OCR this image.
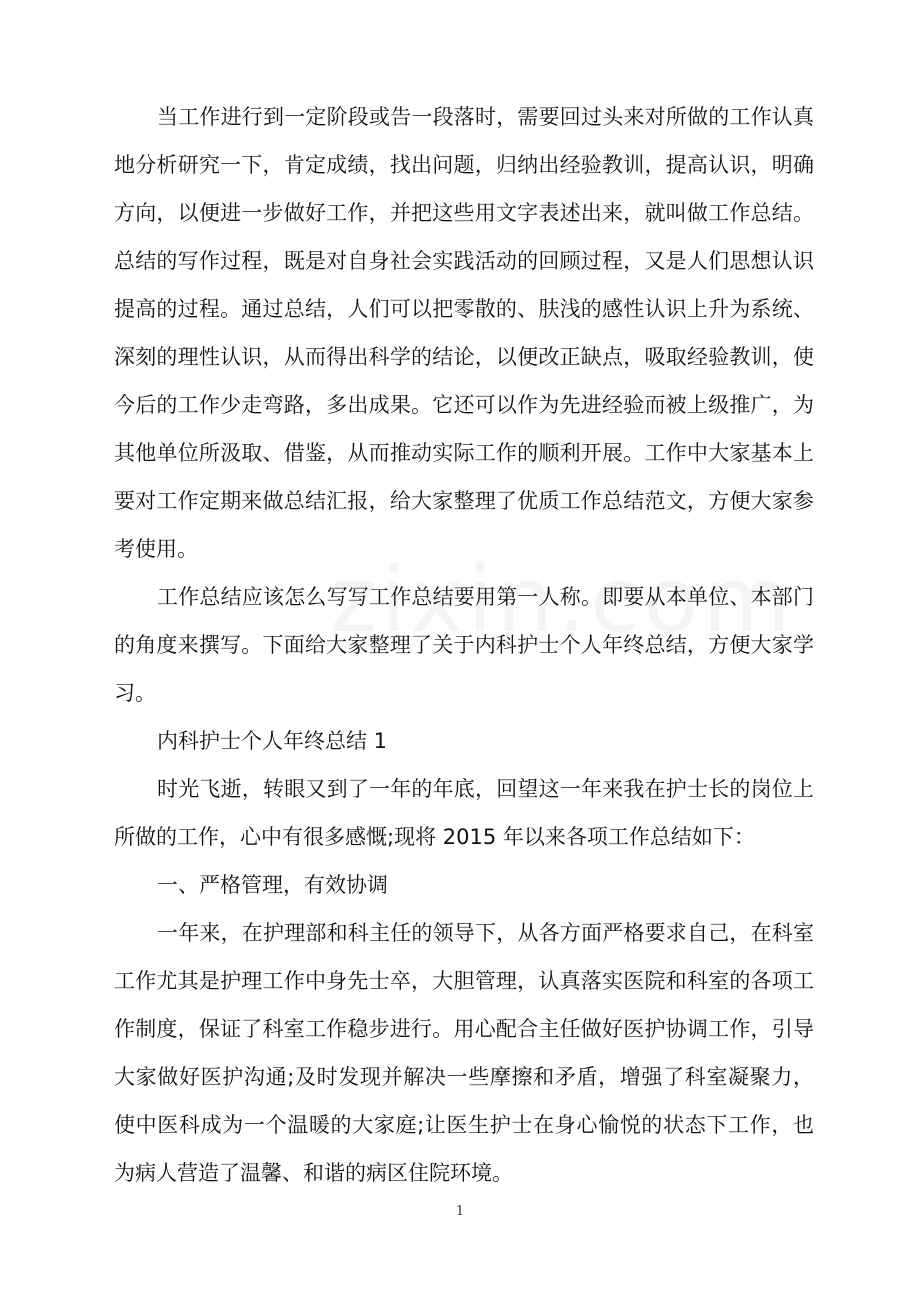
当工作进行到一定阶段或告一段落时，需要回过头来对所做的工作认真地分析研究一下，肯定成绩，找出问题，归纳出经验教训，提高认识，明确方向，以便进一步做好工作，并把这些用文字表述出来，就叫做工作总结。总结的写作过程，既是对自身社会实践活动的回顾过程，又是人们思想认识提高的过程。通过总结，人们可以把零散的、肤浅的感性认识上升为系统、深刻的理性认识，从而得出科学的结论，以便改正缺点，吸取经验教训，使今后的工作少走弯路，多出成果。它还可以作为先进经验而被上级推广，为其他单位所汲取、借鉴，从而推动实际工作的顺利开展。工作中大家基本上要对工作定期来做总结汇报，给大家整理了优质工作总结范文，方便大家参考使用。

工作总结应该怎么写写工作总结要用第一人称。即要从本单位、本部门的角度来撰写。下面给大家整理了关于内科护士个人年终总结，方便大家学习。

内科护士个人年终总结 1

时光飞逝，转眼又到了一年的年底，回望这一年来我在护士长的岗位上所做的工作，心中有很多感慨;现将 2015 年以来各项工作总结如下：

一、严格管理，有效协调

一年来，在护理部和科主任的领导下，从各方面严格要求自己，在科室工作尤其是护理工作中身先士卒，大胆管理，认真落实医院和科室的各项工作制度，保证了科室工作稳步进行。用心配合主任做好医护协调工作，引导大家做好医护沟通;及时发现并解决一些摩擦和矛盾，增强了科室凝聚力，使中医科成为一个温暖的大家庭;让医生护士在身心愉悦的状态下工作，也为病人营造了温馨、和谐的病区住院环境。

1
